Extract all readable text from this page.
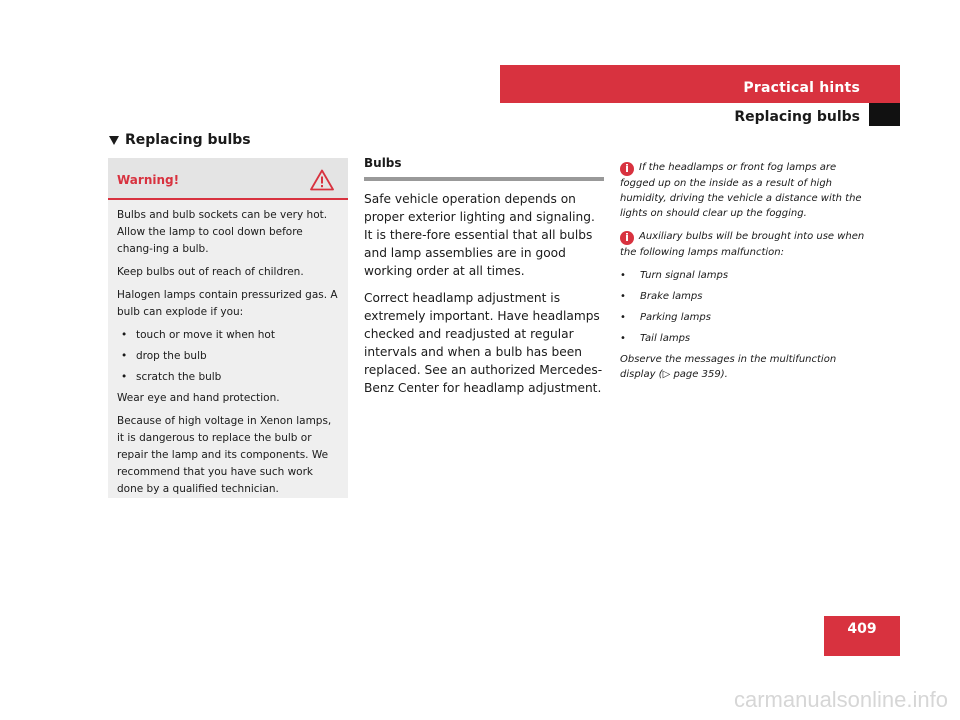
Practical hints
Replacing bulbs
Replacing bulbs
Warning!

Bulbs and bulb sockets can be very hot. Allow the lamp to cool down before chang-ing a bulb.

Keep bulbs out of reach of children.

Halogen lamps contain pressurized gas. A bulb can explode if you:

• touch or move it when hot
• drop the bulb
• scratch the bulb

Wear eye and hand protection.

Because of high voltage in Xenon lamps, it is dangerous to replace the bulb or repair the lamp and its components. We recommend that you have such work done by a qualified technician.

Bulbs

Safe vehicle operation depends on proper exterior lighting and signaling. It is there-fore essential that all bulbs and lamp assemblies are in good working order at all times.

Correct headlamp adjustment is extremely important. Have headlamps checked and readjusted at regular intervals and when a bulb has been replaced. See an authorized Mercedes-Benz Center for headlamp adjustment.

i If the headlamps or front fog lamps are fogged up on the inside as a result of high humidity, driving the vehicle a distance with the lights on should clear up the fogging.

i Auxiliary bulbs will be brought into use when the following lamps malfunction:

• Turn signal lamps
• Brake lamps
• Parking lamps
• Tail lamps

Observe the messages in the multifunction display (▷ page 359).

409
carmanualsonline.info
